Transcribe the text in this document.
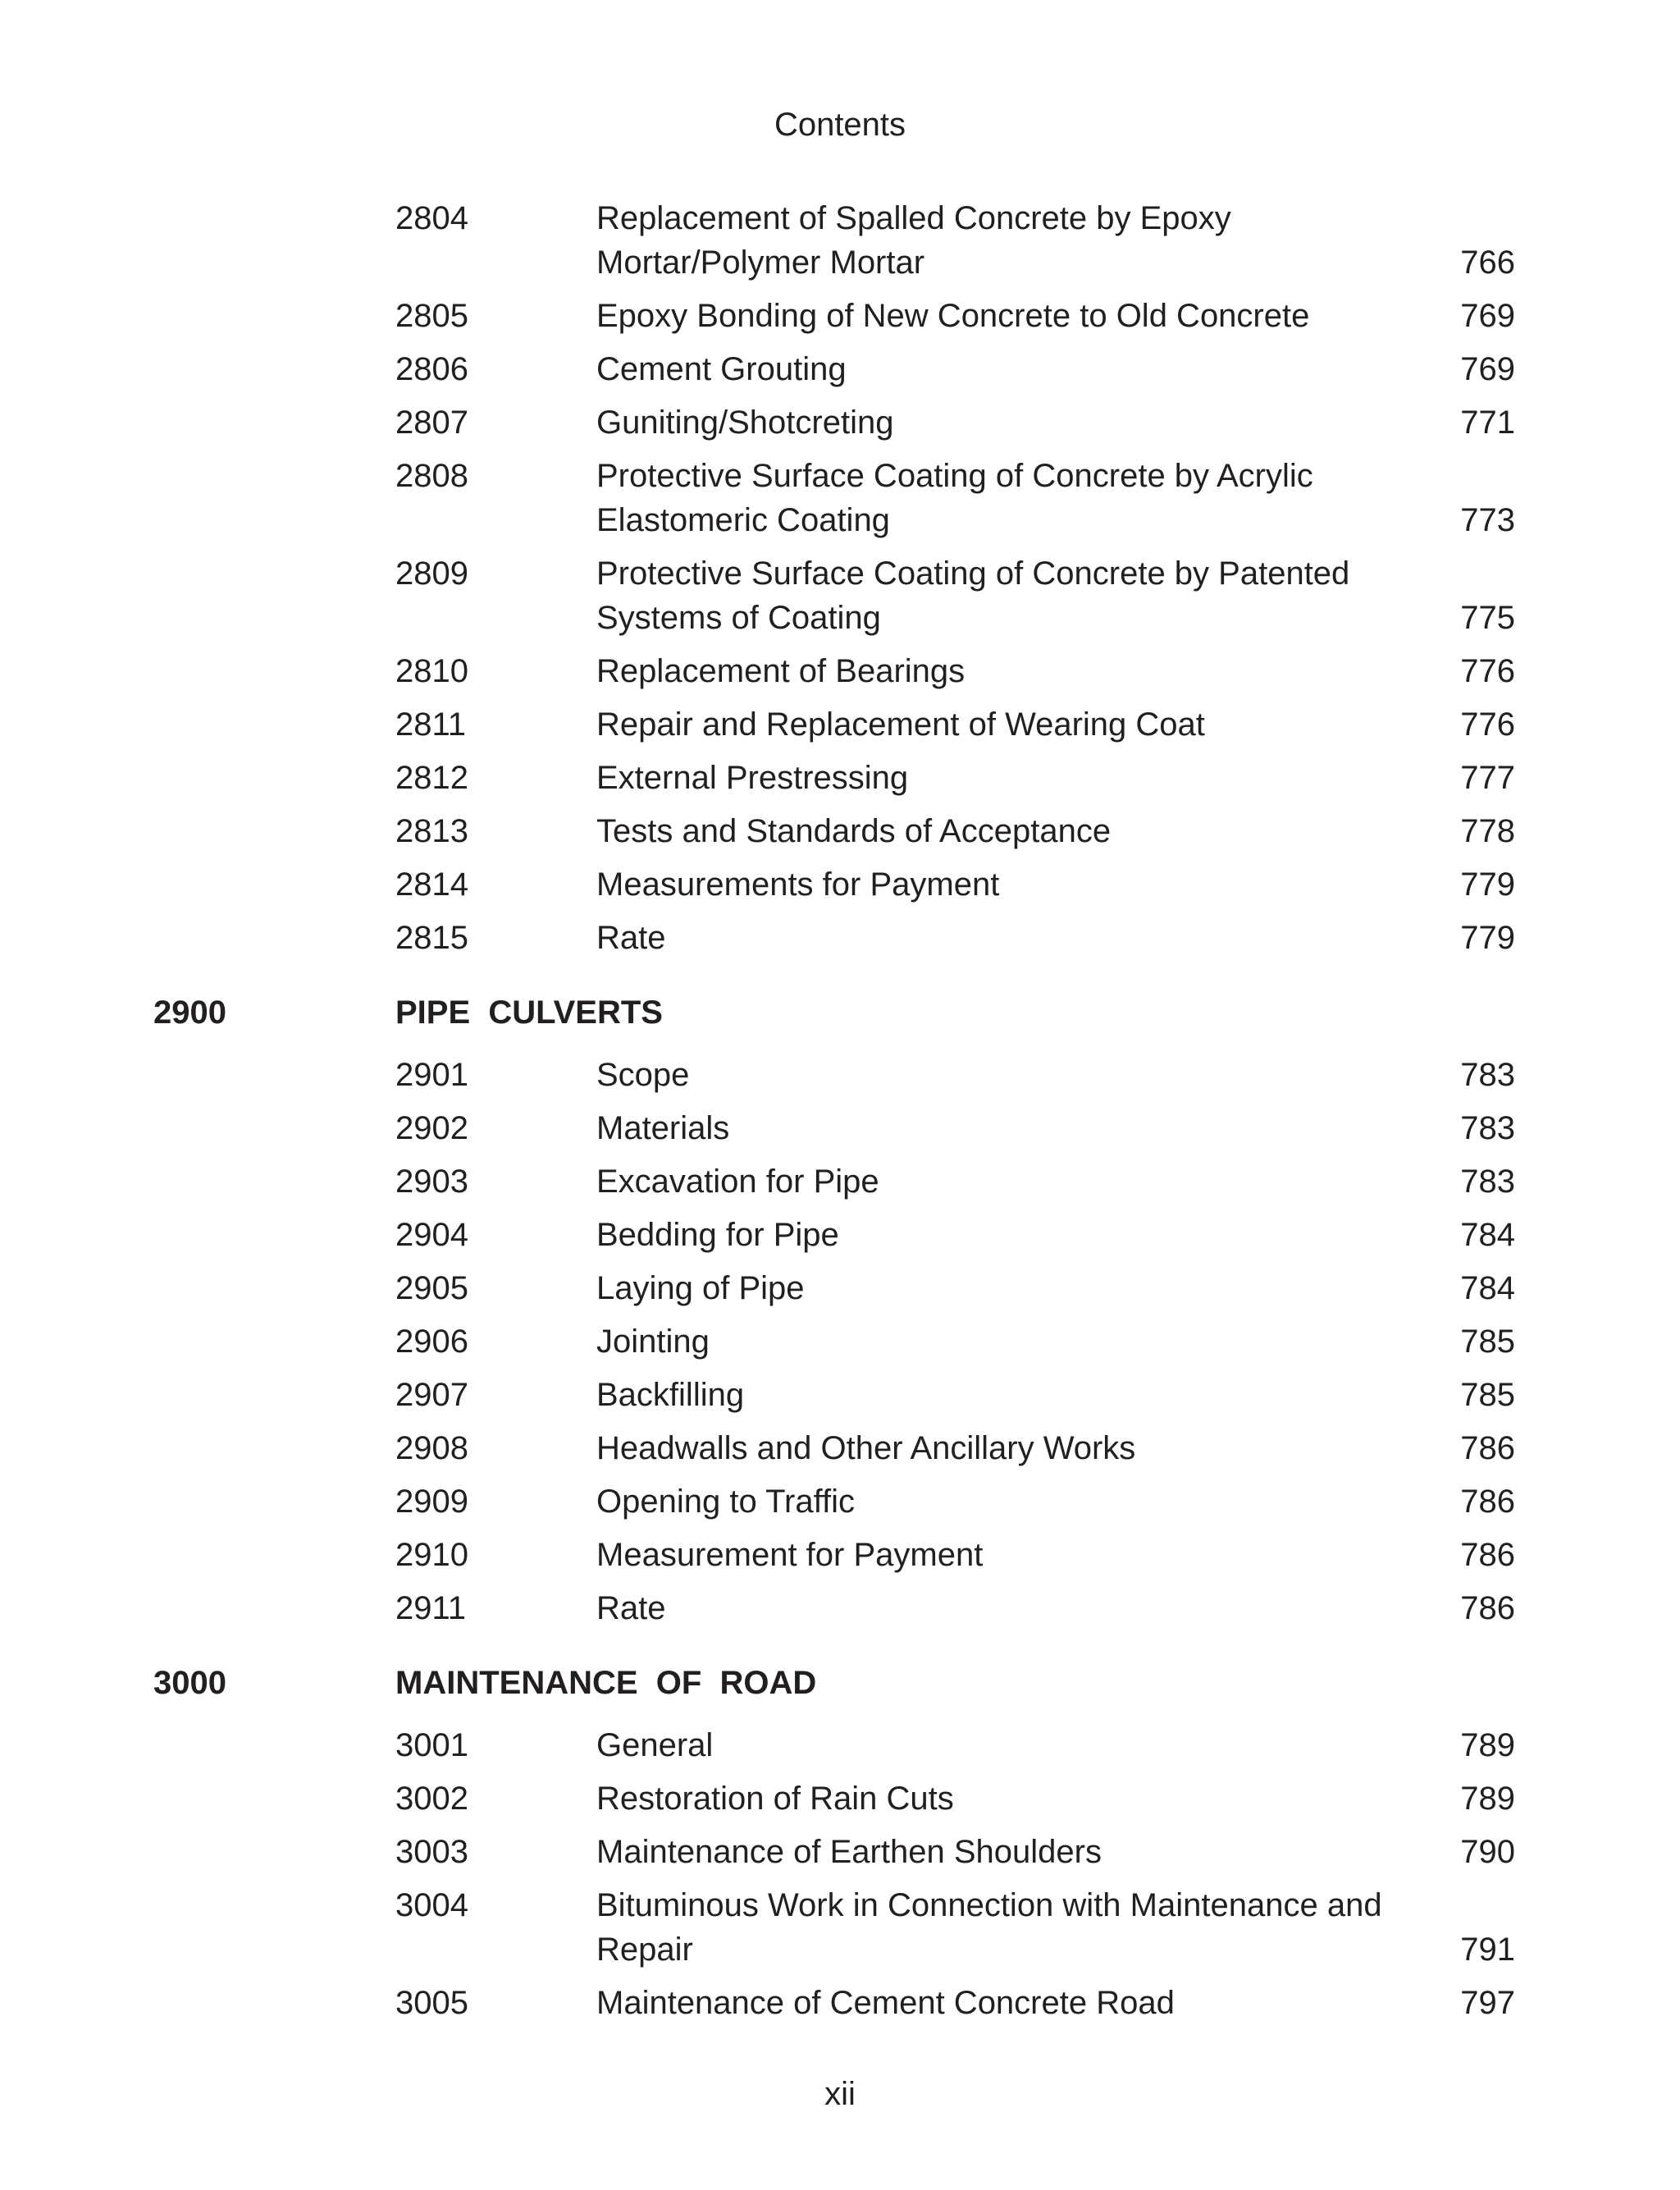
Contents
2804	Replacement of Spalled Concrete by Epoxy Mortar/Polymer Mortar	766
2805	Epoxy Bonding of New Concrete to Old Concrete	769
2806	Cement Grouting	769
2807	Guniting/Shotcreting	771
2808	Protective Surface Coating of Concrete by Acrylic Elastomeric Coating	773
2809	Protective Surface Coating of Concrete by Patented Systems of Coating	775
2810	Replacement of Bearings	776
2811	Repair and Replacement of Wearing Coat	776
2812	External Prestressing	777
2813	Tests and Standards of Acceptance	778
2814	Measurements for Payment	779
2815	Rate	779
2900	PIPE  CULVERTS
2901	Scope	783
2902	Materials	783
2903	Excavation for Pipe	783
2904	Bedding for Pipe	784
2905	Laying of Pipe	784
2906	Jointing	785
2907	Backfilling	785
2908	Headwalls and Other Ancillary Works	786
2909	Opening to Traffic	786
2910	Measurement for Payment	786
2911	Rate	786
3000	MAINTENANCE  OF  ROAD
3001	General	789
3002	Restoration of Rain Cuts	789
3003	Maintenance of Earthen Shoulders	790
3004	Bituminous Work in Connection with Maintenance and Repair	791
3005	Maintenance of Cement Concrete Road	797
xii
